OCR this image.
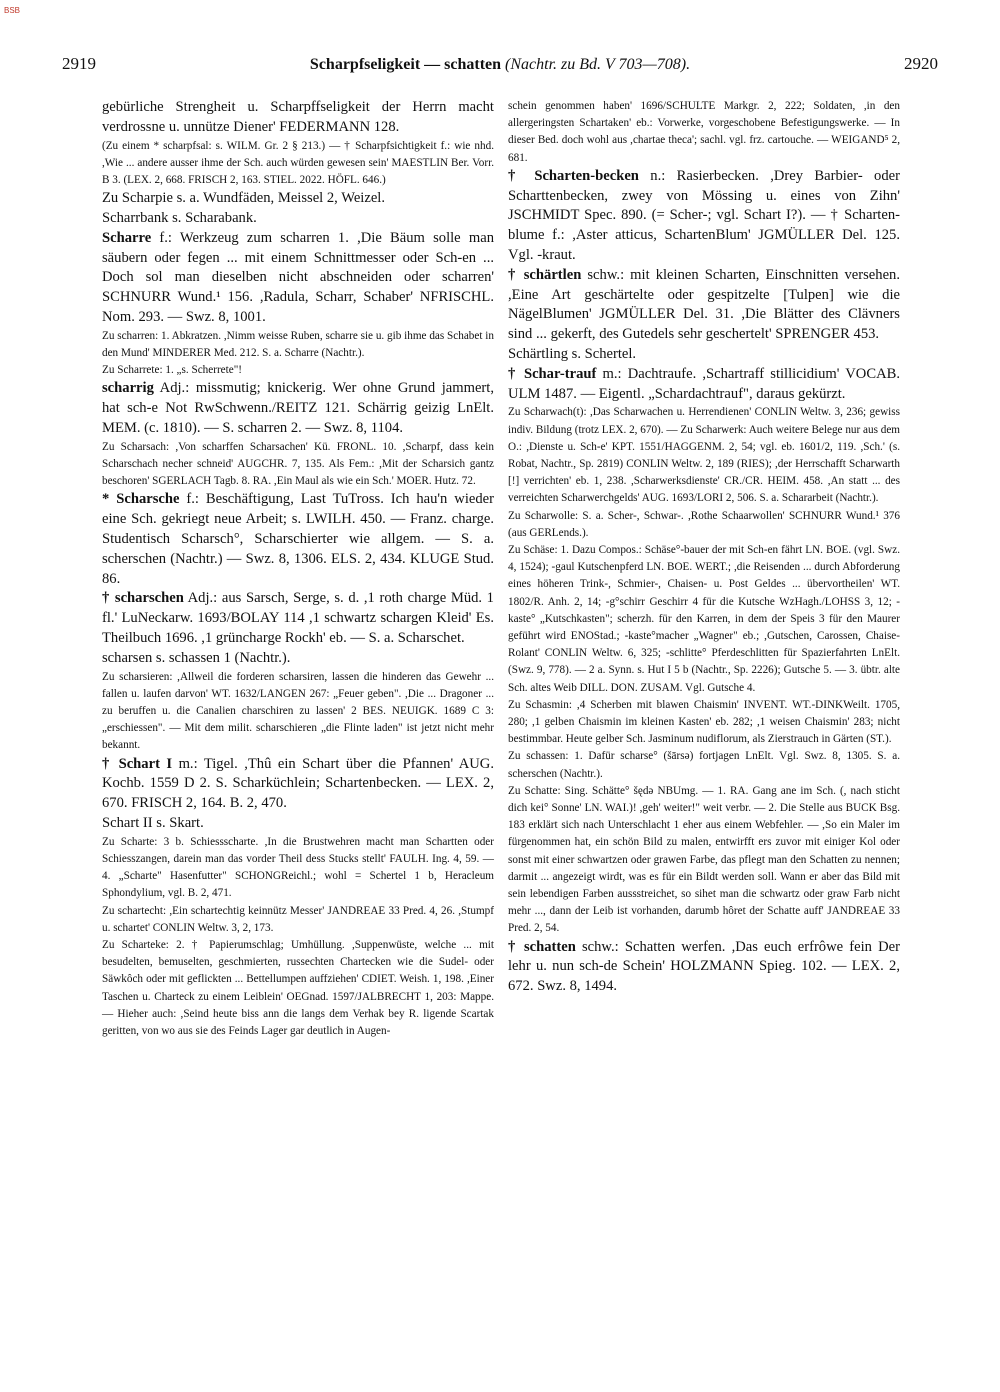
BSB
2919	Scharpfseligkeit — schatten (Nachtr. zu Bd. V 703—708).	2920

gebürliche Strengheit u. Scharpffseligkeit der Herrn macht verdrossne u. unnütze Diener' FEDERMANN 128.

(Zu einem * scharpfsal: s. WILM. Gr. 2 § 213.) — † Scharpfsichtigkeit f.: wie nhd. ,Wie ... andere ausser ihme der Sch. auch würden gewesen sein' MAESTLIN Ber. Vorr. B 3. (LEX. 2, 668. FRISCH 2, 163. STIEL. 2022. HÖFL. 646.)

Zu Scharpie s. a. Wundfäden, Meissel 2, Weizel.

Scharrbank s. Scharabank.

Scharre f.: Werkzeug zum scharren 1. ,Die Bäum solle man säubern oder fegen ... mit einem Schnittmesser oder Sch-en ... Doch sol man dieselben nicht abschneiden oder scharren' SCHNURR Wund.¹ 156. ,Radula, Scharr, Schaber' NFRISCHL. Nom. 293. — Swz. 8, 1001.

Zu scharren: 1. Abkratzen. ,Nimm weisse Ruben, scharre sie u. gib ihme das Schabet in den Mund' MINDERER Med. 212. S. a. Scharre (Nachtr.).

Zu Scharrete: 1. „s. Scherrete"!

scharrig Adj.: missmutig; knickerig. Wer ohne Grund jammert, hat sch-e Not RwSchwenn./REITZ 121. Schärrig geizig LnElt. MEM. (c. 1810). — S. scharren 2. — Swz. 8, 1104.

Zu Scharsach: ,Von scharffen Scharsachen' Kü. FRONL. 10. ,Scharpf, dass kein Scharschach necher schneid' AUGCHR. 7, 135. Als Fem.: ,Mit der Scharsich gantz beschoren' SGERLACH Tagb. 8. RA. ,Ein Maul als wie ein Sch.' MOER. Hutz. 72.

* Scharsche f.: Beschäftigung, Last TuTross. Ich hau'n wieder eine Sch. gekriegt neue Arbeit; s. LWILH. 450. — Franz. charge. Studentisch Scharsch°, Scharschierter wie allgem. — S. a. scherschen (Nachtr.) — Swz. 8, 1306. ELS. 2, 434. KLUGE Stud. 86.

† scharschen Adj.: aus Sarsch, Serge, s. d. ,1 roth charge Müd. 1 fl.' LuNeckarw. 1693/BOLAY 114 ,1 schwartz schargen Kleid' Es. Theilbuch 1696. ,1 grünchargе Rockh' eb. — S. a. Scharschet.

scharsen s. schassen 1 (Nachtr.).

Zu scharsieren: ,Allweil die forderen scharsiren, lassen die hinderen das Gewehr ... fallen u. laufen darvon' WT. 1632/LANGEN 267: „Feuer geben". ,Die ... Dragoner ... zu beruffen u. die Canalien charschiren zu lassen' 2 BES. NEUIGK. 1689 C 3: „erschiessen". — Mit dem milit. scharschieren „die Flinte laden" ist jetzt nicht mehr bekannt.

† Schart I m.: Tigel. ,Thû ein Schart über die Pfannen' AUG. Kochb. 1559 D 2. S. Scharküchlein; Schartenbecken. — LEX. 2, 670. FRISCH 2, 164. B. 2, 470.

Schart II s. Skart.

Zu Scharte: 3 b. Schiessscharte. ,In die Brustwehren macht man Schartten oder Schiesszangen, darein man das vorder Theil dess Stucks stellt' FAULH. Ing. 4, 59. — 4. „Scharte" Hasenfutter" SCHONGReichl.; wohl = Schertel 1 b, Heracleum Sphondylium, vgl. B. 2, 471.

Zu schartecht: ,Ein schartechtig keinnütz Messer' JANDREAE 33 Pred. 4, 26. ,Stumpf u. schartet' CONLIN Weltw. 3, 2, 173.

Zu Scharteke: 2. † Papierumschlag; Umhüllung. ,Suppenwüste, welche ... mit besudelten, bemuselten, geschmierten, russechten Chartecken wie die Sudel- oder Säwkôch oder mit geflickten ... Bettellumpen auffziehen' CDIET. Weish. 1, 198. ,Einer Taschen u. Charteck zu einem Leiblein' OEGnad. 1597/JALBRECHT 1, 203: Mappe. — Hieher auch: ,Seind heute biss ann die langs dem Verhak bey R. ligende Scartak geritten, von wo aus sie des Feinds Lager gar deutlich in Augen-

schein genommen haben' 1696/SCHULTE Markgr. 2, 222; Soldaten, ,in den allergeringsten Schartaken' eb.: Vorwerke, vorgeschobene Befestigungswerke. — In dieser Bed. doch wohl aus ,chartae theca'; sachl. vgl. frz. cartouche. — WEIGAND⁵ 2, 681.

† Scharten-becken n.: Rasierbecken. ,Drey Barbier- oder Scharttenbecken, zwey von Mössing u. eines von Zihn' JSCHMIDT Spec. 890. (= Scher-; vgl. Schart I?). — † Scharten-blume f.: ,Aster atticus, SchartenBlum' JGMÜLLER Del. 125. Vgl. -kraut.

† schärtlen schw.: mit kleinen Scharten, Einschnitten versehen. ,Eine Art geschärtelte oder gespitzelte [Tulpen] wie die NägelBlumen' JGMÜLLER Del. 31. ,Die Blätter des Clävners sind ... gekerft, des Gutedels sehr geschertelt' SPRENGER 453.

Schärtling s. Schertel.

† Schar-trauf m.: Dachtraufe. ,Schartraff stillicidium' VOCAB. ULM 1487. — Eigentl. „Schardachtrauf", daraus gekürzt.

Zu Scharwach(t): ,Das Scharwachen u. Herrendienen' CONLIN Weltw. 3, 236; gewiss indiv. Bildung (trotz LEX. 2, 670). — Zu Scharwerk: Auch weitere Belege nur aus dem O.: ,Dienste u. Sch-e' KPT. 1551/HAGGENM. 2, 54; vgl. eb. 1601/2, 119. ,Sch.' (s. Robat, Nachtr., Sp. 2819) CONLIN Weltw. 2, 189 (RIES); ,der Herrschafft Scharwarth [!] verrichten' eb. 1, 238. ,Scharwerksdienste' CR./CR. HEIM. 458. ,An statt ... des verreichten Scharwerchgelds' AUG. 1693/LORI 2, 506. S. a. Schararbeit (Nachtr.).

Zu Scharwolle: S. a. Scher-, Schwar-. ,Rothe Schaarwollen' SCHNURR Wund.¹ 376 (aus GERLends.).

Zu Schäse: 1. Dazu Compos.: Schäse°-bauer der mit Sch-en fährt LN. BOE. (vgl. Swz. 4, 1524); -gaul Kutschenpferd LN. BOE. WERT.; ,die Reisenden ... durch Abforderung eines höheren Trink-, Schmier-, Chaisen- u. Post Geldes ... übervortheilen' WT. 1802/R. Anh. 2, 14; -g°schirr Geschirr 4 für die Kutsche WzHagh./LOHSS 3, 12; -kaste° „Kutschkasten"; scherzh. für den Karren, in dem der Speis 3 für den Maurer geführt wird ENOStad.; -kaste°macher „Wagner" eb.; ,Gutschen, Carossen, Chaise-Rolant' CONLIN Weltw. 6, 325; -schlitte° Pferdeschlitten für Spazierfahrten LnElt. (Swz. 9, 778). — 2 a. Synn. s. Hut I 5 b (Nachtr., Sp. 2226); Gutsche 5. — 3. übtr. alte Sch. altes Weib DILL. DON. ZUSAM. Vgl. Gutsche 4.

Zu Schasmin: ,4 Scherben mit blawen Chaismin' INVENT. WT.-DINKWeilt. 1705, 280; ,1 gelben Chaismin im kleinen Kasten' eb. 282; ,1 weisen Chaismin' 283; nicht bestimmbar. Heute gelber Sch. Jasminum nudiflorum, als Zierstrauch in Gärten (ST.).

Zu schassen: 1. Dafür scharse° (šārsə) fortjagen LnElt. Vgl. Swz. 8, 1305. S. a. scherschen (Nachtr.).

Zu Schatte: Sing. Schätte° šędə NBUmg. — 1. RA. Gang ane im Sch. (, nach sticht dich kei° Sonne' LN. WAI.)! ,geh' weiter!" weit verbr. — 2. Die Stelle aus BUCK Bsg. 183 erklärt sich nach Unterschlacht 1 eher aus einem Webfehler. — ,So ein Maler im fürgenommen hat, ein schön Bild zu malen, entwirfft ers zuvor mit einiger Kol oder sonst mit einer schwartzen oder grawen Farbe, das pflegt man den Schatten zu nennen; darmit ... angezeigt wirdt, was es für ein Bildt werden soll. Wann er aber das Bild mit sein lebendigen Farben aussstreichet, so sihet man die schwartz oder graw Farb nicht mehr ..., dann der Leib ist vorhanden, darumb hôret der Schatte auff' JANDREAE 33 Pred. 2, 54.

† schatten schw.: Schatten werfen. ,Das euch erfrôwe fein Der lehr u. nun sch-de Schein' HOLZMANN Spieg. 102. — LEX. 2, 672. Swz. 8, 1494.
